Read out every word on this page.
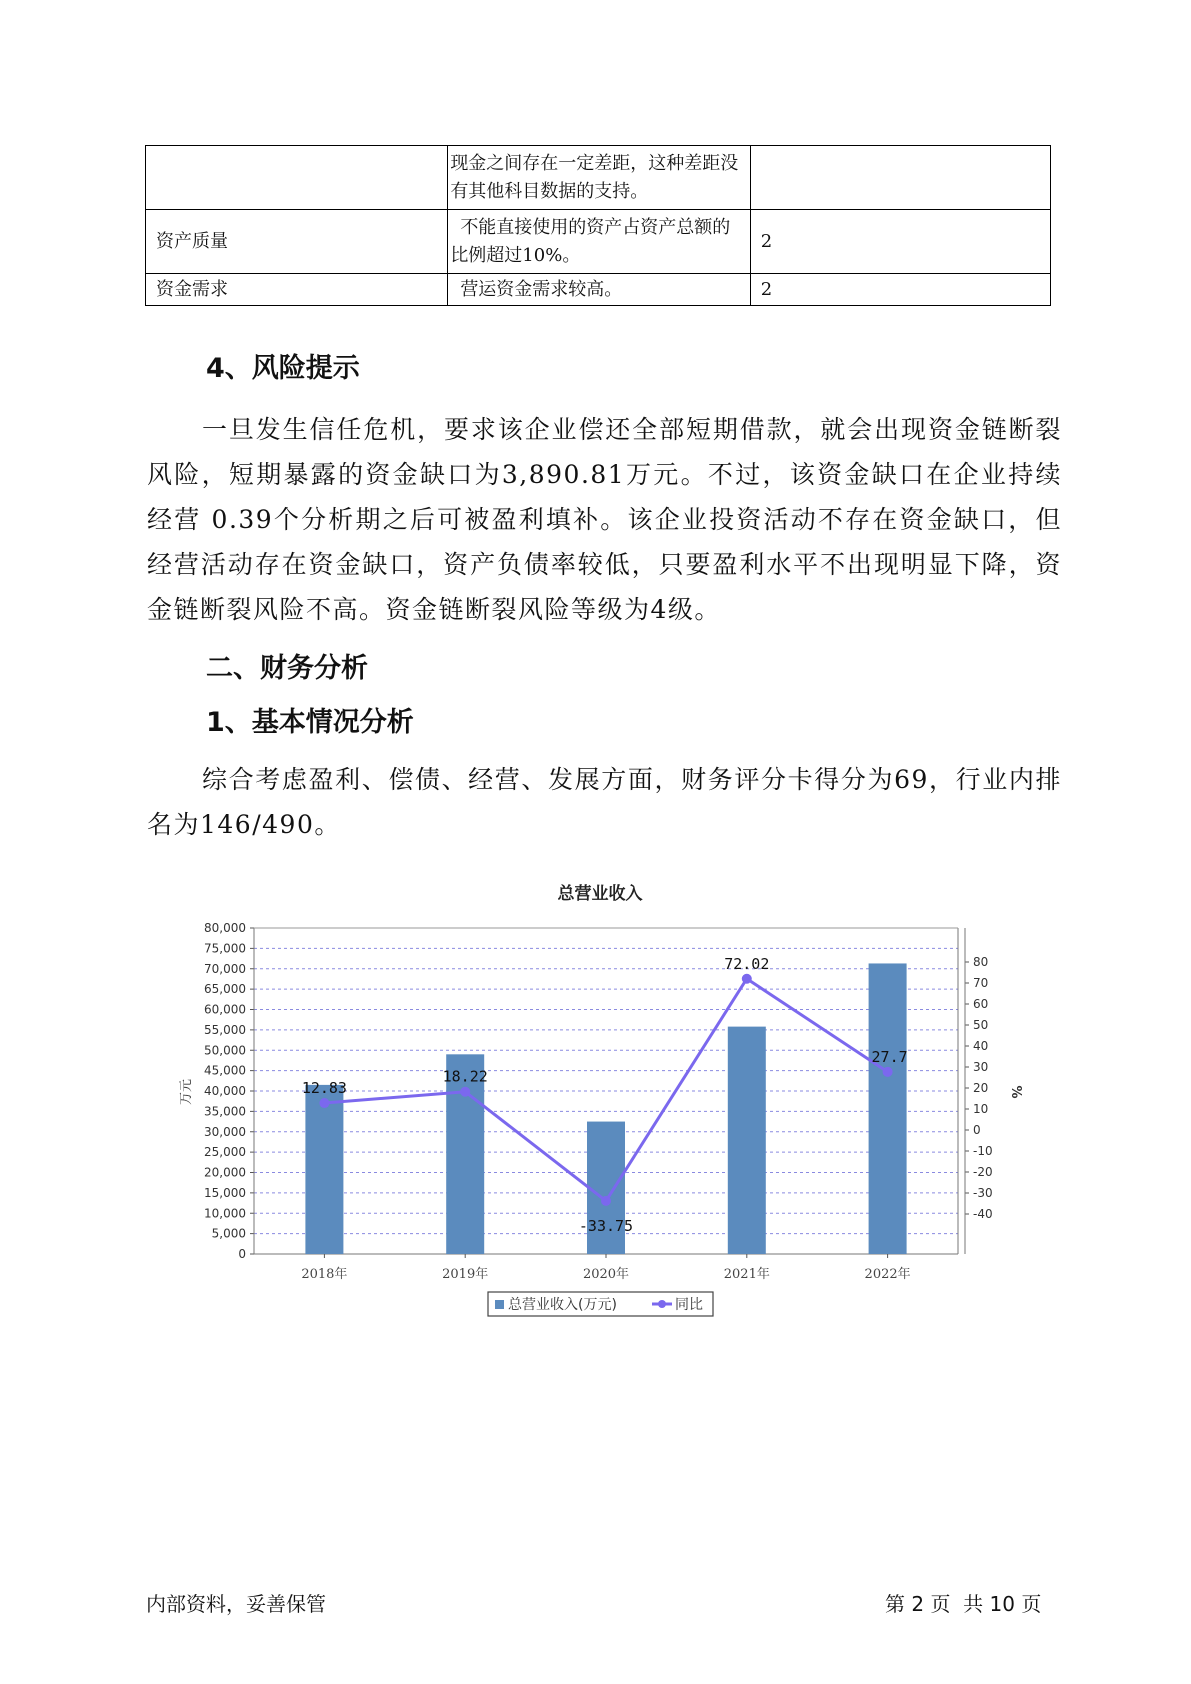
	现金之间存在一定差距，这种差距没有其他科目数据的支持。	
资产质量	不能直接使用的资产占资产总额的比例超过10%。	2
资金需求	营运资金需求较高。	2
4、风险提示

一旦发生信任危机，要求该企业偿还全部短期借款，就会出现资金链断裂风险，短期暴露的资金缺口为3,890.81万元。不过，该资金缺口在企业持续经营 0.39个分析期之后可被盈利填补。该企业投资活动不存在资金缺口，但经营活动存在资金缺口，资产负债率较低，只要盈利水平不出现明显下降，资金链断裂风险不高。资金链断裂风险等级为4级。

二、财务分析
1、基本情况分析

综合考虑盈利、偿债、经营、发展方面，财务评分卡得分为69，行业内排名为146/490。

总营业收入
0
5,000
10,000
15,000
20,000
25,000
30,000
35,000
40,000
45,000
50,000
55,000
60,000
65,000
70,000
75,000
80,000
-40
-30
-20
-10
0
10
20
30
40
50
60
70
80
万元	%
2018年	2019年	2020年	2021年	2022年
12.83
18.22
-33.75
72.02
27.7
总营业收入(万元)	同比
内部资料，妥善保管	第 2 页  共 10 页
